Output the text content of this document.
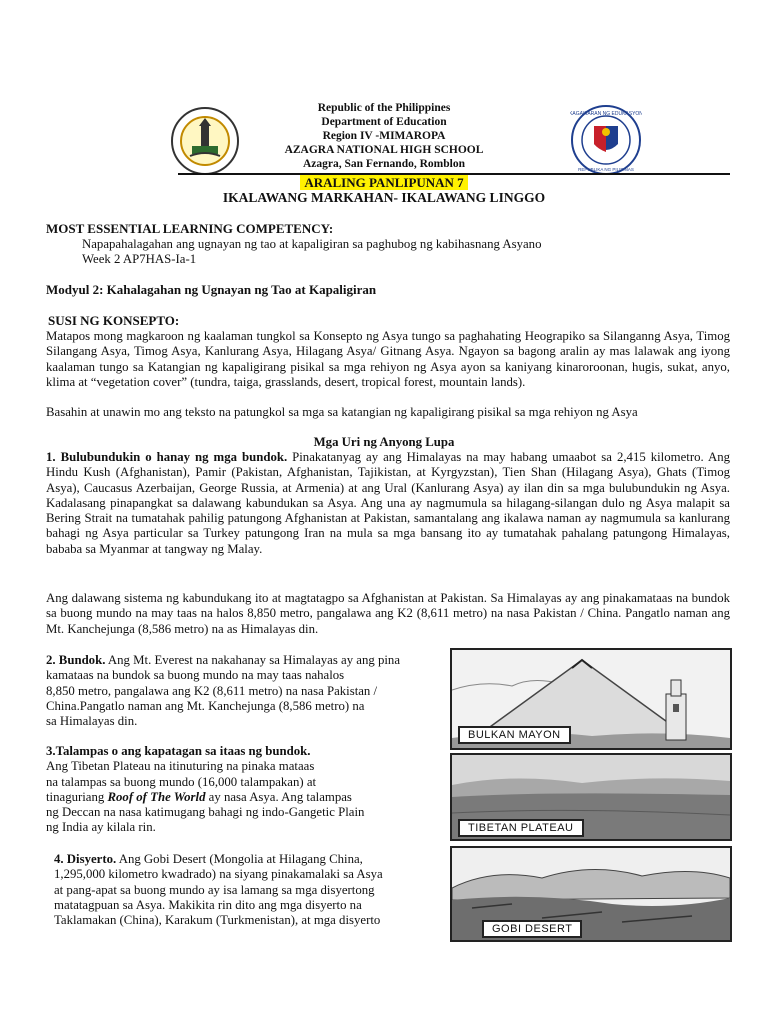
Republic of the Philippines
Department of Education
Region IV -MIMAROPA
AZAGRA NATIONAL HIGH SCHOOL
Azagra, San Fernando, Romblon
KAGAWARAN NG EDUKASYON
REPUBLIKA NG PILIPINAS
ARALING PANLIPUNAN 7
IKALAWANG MARKAHAN- IKALAWANG LINGGO
MOST ESSENTIAL LEARNING COMPETENCY:
Napapahalagahan ang ugnayan ng tao at kapaligiran sa paghubog ng kabihasnang Asyano
Week 2 AP7HAS-Ia-1
Modyul 2: Kahalagahan ng Ugnayan ng Tao at Kapaligiran
SUSI NG KONSEPTO:
Matapos mong magkaroon ng kaalaman tungkol sa Konsepto ng Asya tungo sa paghahating Heograpiko sa Silanganng Asya, Timog Silangang Asya, Timog Asya, Kanlurang Asya, Hilagang Asya/ Gitnang Asya. Ngayon sa bagong aralin ay mas lalawak ang iyong kaalaman tungo sa Katangian ng kapaligirang pisikal sa mga rehiyon ng Asya ayon sa kaniyang kinaroroonan, hugis, sukat, anyo, klima at “vegetation cover” (tundra, taiga, grasslands, desert, tropical forest, mountain lands).
Basahin at unawin mo ang teksto na patungkol sa mga sa katangian ng kapaligirang pisikal sa mga rehiyon ng Asya
Mga Uri ng Anyong Lupa
1. Bulubundukin o hanay ng mga bundok. Pinakatanyag ay ang Himalayas na may habang umaabot sa 2,415 kilometro. Ang Hindu Kush (Afghanistan), Pamir (Pakistan, Afghanistan, Tajikistan, at Kyrgyzstan), Tien Shan (Hilagang Asya), Ghats (Timog Asya), Caucasus Azerbaijan, George Russia, at Armenia) at ang Ural (Kanlurang Asya) ay ilan din sa mga bulubundukin ng Asya. Kadalasang pinapangkat sa dalawang kabundukan sa Asya. Ang una ay nagmumula sa hilagang-silangan dulo ng Asya malapit sa Bering Strait na tumatahak pahilig patungong Afghanistan at Pakistan, samantalang ang ikalawa naman ay nagmumula sa kanlurang bahagi ng Asya particular sa Turkey patungong Iran na mula sa mga bansang ito ay tumatahak pahalang patungong Himalayas, bababa sa Myanmar at tangway ng Malay.
Ang dalawang sistema ng kabundukang ito at magtatagpo sa Afghanistan at Pakistan. Sa Himalayas ay ang pinakamataas na bundok sa buong mundo na may taas na halos 8,850 metro, pangalawa ang K2 (8,611 metro) na nasa Pakistan / China. Pangatlo naman ang Mt. Kanchejunga (8,586 metro) na as Himalayas din.
2. Bundok. Ang Mt. Everest na nakahanay sa Himalayas ay ang pina
kamataas na bundok sa buong mundo na may taas nahalos
8,850 metro, pangalawa ang K2 (8,611 metro) na nasa Pakistan /
China.Pangatlo naman ang Mt. Kanchejunga (8,586 metro) na
sa Himalayas din.
3.Talampas o ang kapatagan sa itaas ng bundok.
Ang Tibetan Plateau na itinuturing na pinaka mataas
na talampas sa buong mundo (16,000 talampakan) at
tinaguriang Roof of The World ay nasa Asya. Ang talampas
ng Deccan na nasa katimugang bahagi ng indo-Gangetic Plain
ng India ay kilala rin.
4. Disyerto. Ang Gobi Desert (Mongolia at Hilagang China,
1,295,000 kilometro kwadrado) na siyang pinakamalaki sa Asya
at pang-apat sa buong mundo ay isa lamang sa mga disyertong
matatagpuan sa Asya. Makikita rin dito ang mga disyerto na
Taklamakan (China), Karakum (Turkmenistan), at mga disyerto
BULKAN MAYON
TIBETAN PLATEAU
GOBI DESERT
